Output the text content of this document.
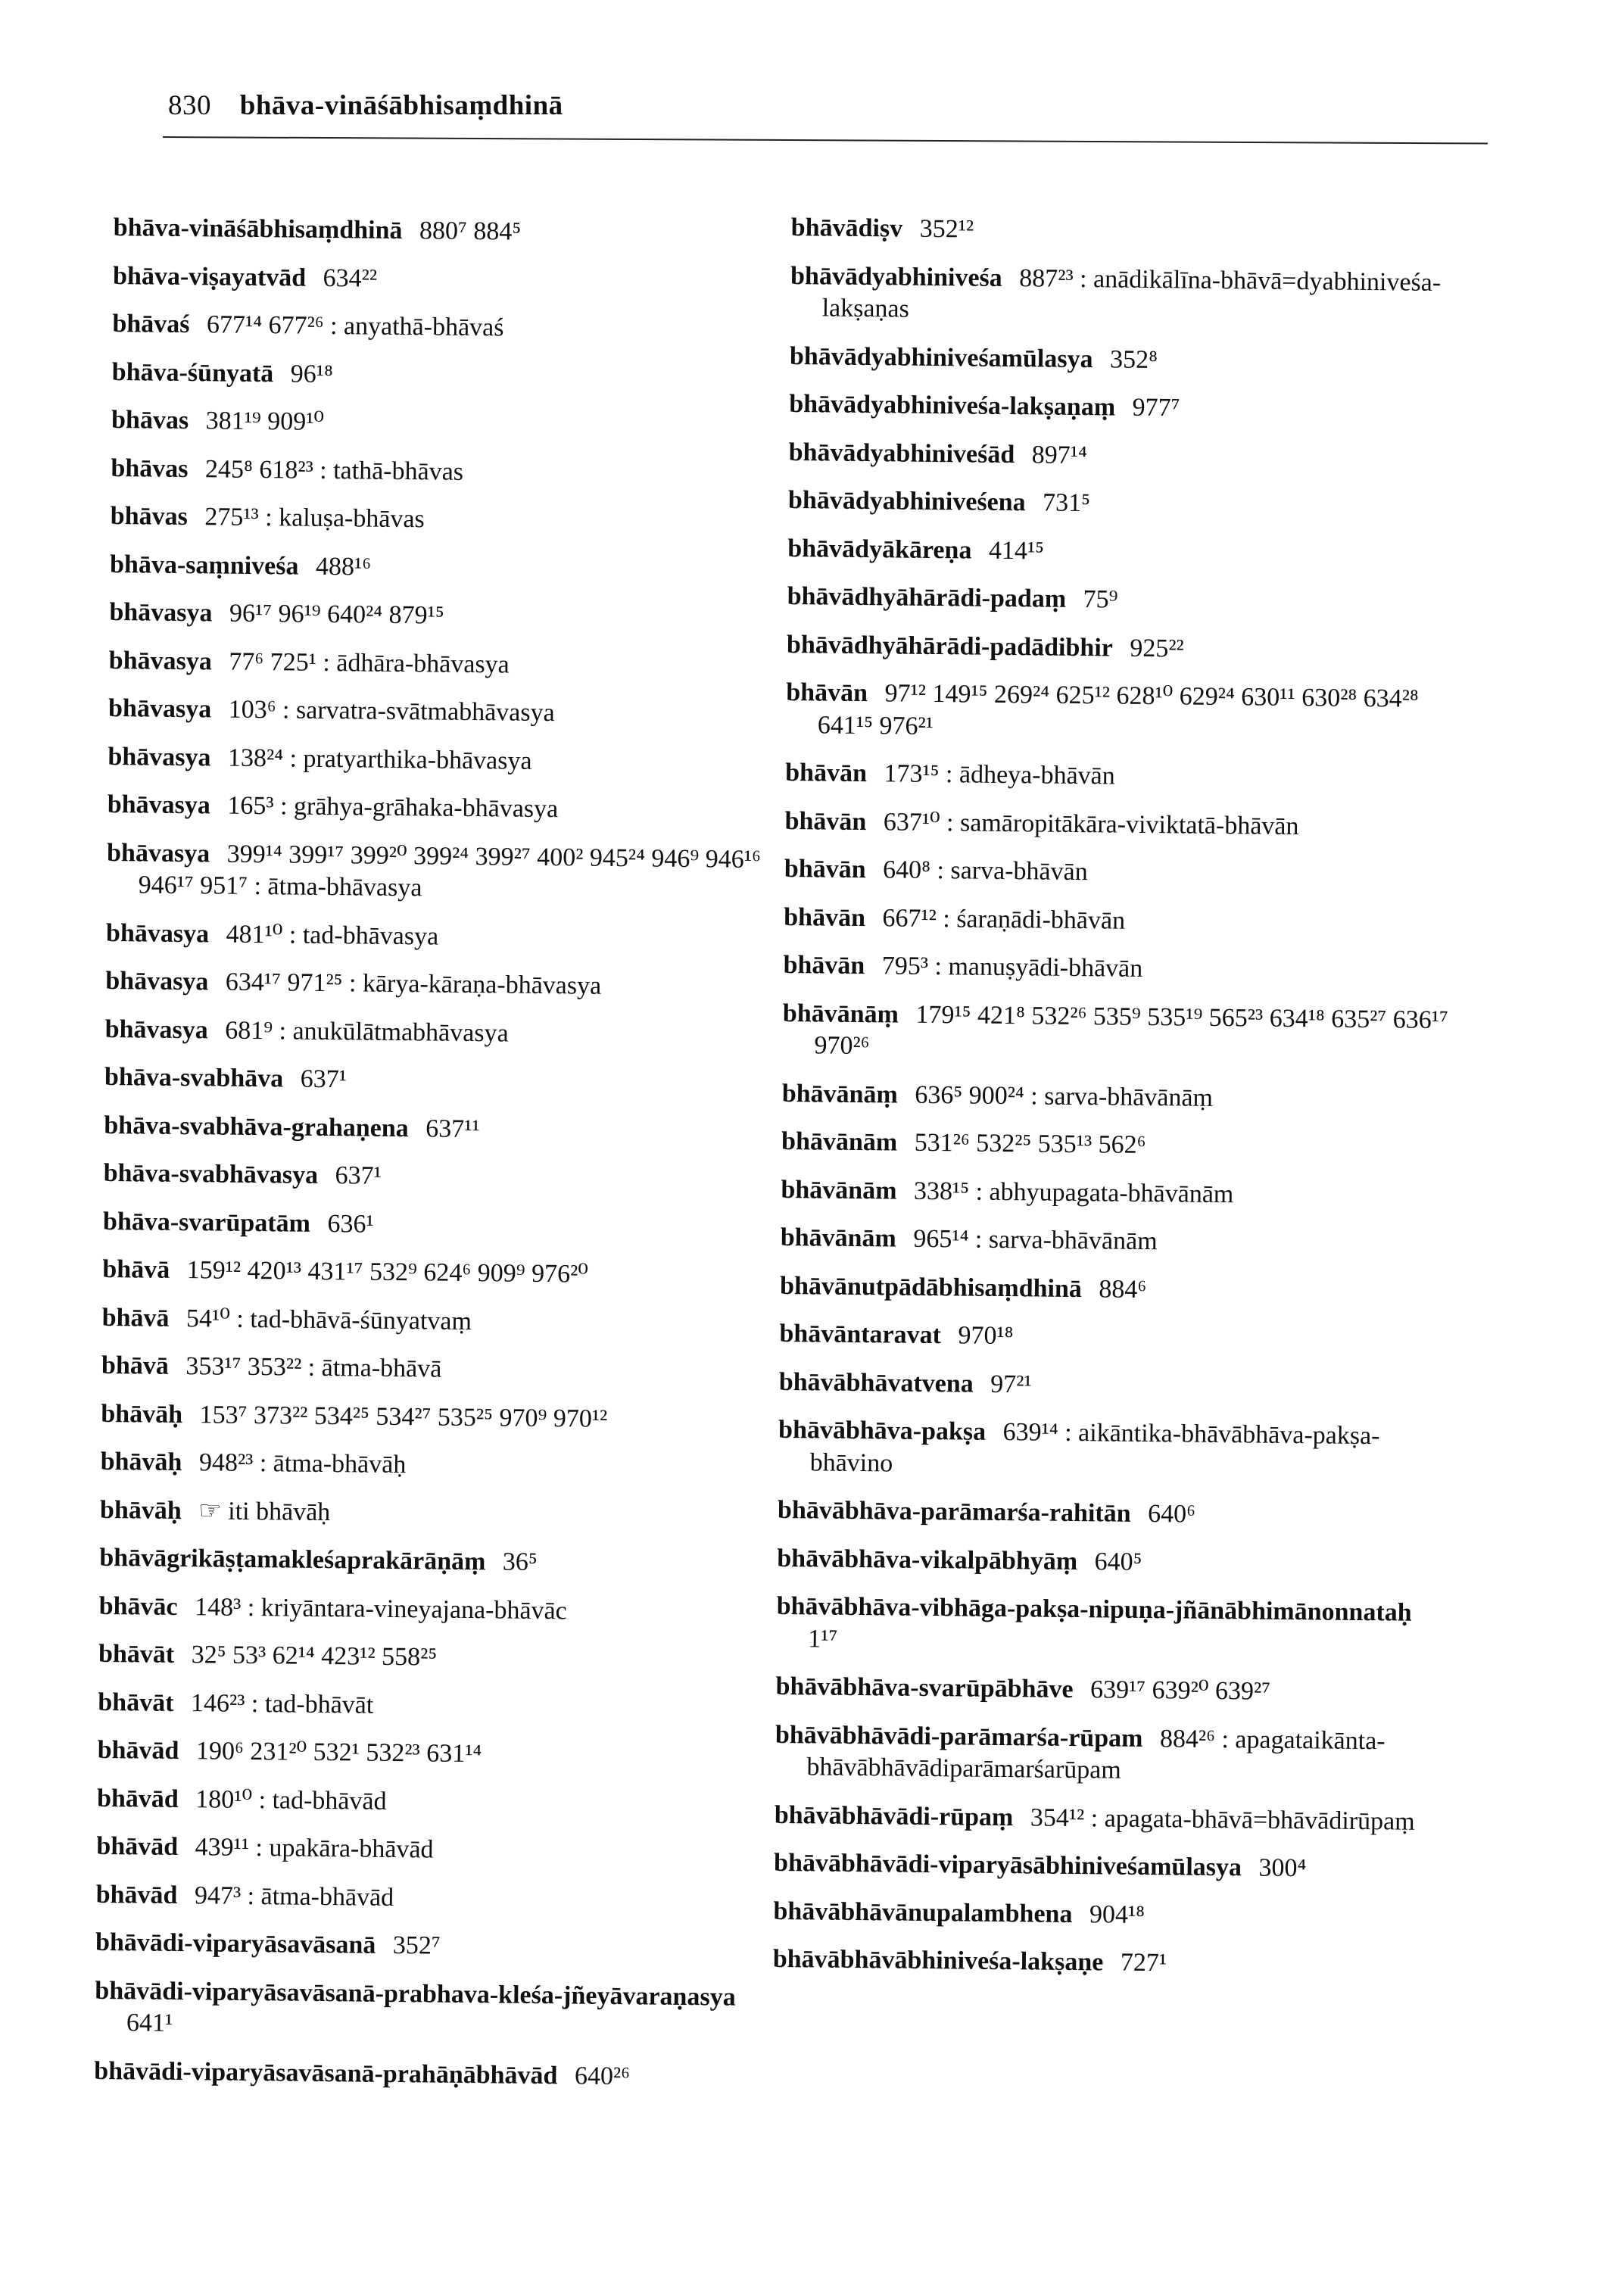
830 bhāva-vināśābhisaṃdhinā
bhāva-vināśābhisaṃdhinā 880⁷ 884⁵
bhāva-viṣayatvād 634²²
bhāvaś 677¹⁴ 677²⁶ : anyathā-bhāvaś
bhāva-śūnyatā 96¹⁸
bhāvas 381¹⁹ 909¹⁰
bhāvas 245⁸ 618²³ : tathā-bhāvas
bhāvas 275¹³ : kaluṣa-bhāvas
bhāva-saṃniveśa 488¹⁶
bhāvasya 96¹⁷ 96¹⁹ 640²⁴ 879¹⁵
bhāvasya 77⁶ 725¹ : ādhāra-bhāvasya
bhāvasya 103⁶ : sarvatra-svātmabhāvasya
bhāvasya 138²⁴ : pratyarthika-bhāvasya
bhāvasya 165³ : grāhya-grāhaka-bhāvasya
bhāvasya 399¹⁴ 399¹⁷ 399²⁰ 399²⁴ 399²⁷ 400² 945²⁴ 946⁹ 946¹⁶ 946¹⁷ 951⁷ : ātma-bhāvasya
bhāvasya 481¹⁰ : tad-bhāvasya
bhāvasya 634¹⁷ 971²⁵ : kārya-kāraṇa-bhāvasya
bhāvasya 681⁹ : anukūlātmabhāvasya
bhāva-svabhāva 637¹
bhāva-svabhāva-grahaṇena 637¹¹
bhāva-svabhāvasya 637¹
bhāva-svarūpatām 636¹
bhāvā 159¹² 420¹³ 431¹⁷ 532⁹ 624⁶ 909⁹ 976²⁰
bhāvā 54¹⁰ : tad-bhāvā-śūnyatvaṃ
bhāvā 353¹⁷ 353²² : ātma-bhāvā
bhāvāḥ 153⁷ 373²² 534²⁵ 534²⁷ 535²⁵ 970⁹ 970¹²
bhāvāḥ 948²³ : ātma-bhāvāḥ
bhāvāḥ ☞ iti bhāvāḥ
bhāvāgrikāṣṭamakleśaprakārāṇāṃ 36⁵
bhāvāc 148³ : kriyāntara-vineyajana-bhāvāc
bhāvāt 32⁵ 53³ 62¹⁴ 423¹² 558²⁵
bhāvāt 146²³ : tad-bhāvāt
bhāvād 190⁶ 231²⁰ 532¹ 532²³ 631¹⁴
bhāvād 180¹⁰ : tad-bhāvād
bhāvād 439¹¹ : upakāra-bhāvād
bhāvād 947³ : ātma-bhāvād
bhāvādi-viparyāsavāsanā 352⁷
bhāvādi-viparyāsavāsanā-prabhava-kleśa-jñeyāvaraṇasya 641¹
bhāvādi-viparyāsavāsanā-prahāṇābhāvād 640²⁶
bhāvādiṣv 352¹²
bhāvādyabhiniveśa 887²³ : anādikālīna-bhāvā=dyabhiniveśa-lakṣaṇas
bhāvādyabhiniveśamūlasya 352⁸
bhāvādyabhiniveśa-lakṣaṇaṃ 977⁷
bhāvādyabhiniveśād 897¹⁴
bhāvādyabhiniveśena 731⁵
bhāvādyākāreṇa 414¹⁵
bhāvādhyāhārādi-padaṃ 75⁹
bhāvādhyāhārādi-padādibhir 925²²
bhāvān 97¹² 149¹⁵ 269²⁴ 625¹² 628¹⁰ 629²⁴ 630¹¹ 630²⁸ 634²⁸ 641¹⁵ 976²¹
bhāvān 173¹⁵ : ādheya-bhāvān
bhāvān 637¹⁰ : samāropitākāra-viviktatā-bhāvān
bhāvān 640⁸ : sarva-bhāvān
bhāvān 667¹² : śaraṇādi-bhāvān
bhāvān 795³ : manuṣyādi-bhāvān
bhāvānāṃ 179¹⁵ 421⁸ 532²⁶ 535⁹ 535¹⁹ 565²³ 634¹⁸ 635²⁷ 636¹⁷ 970²⁶
bhāvānāṃ 636⁵ 900²⁴ : sarva-bhāvānāṃ
bhāvānām 531²⁶ 532²⁵ 535¹³ 562⁶
bhāvānām 338¹⁵ : abhyupagata-bhāvānām
bhāvānām 965¹⁴ : sarva-bhāvānām
bhāvānutpādābhisaṃdhinā 884⁶
bhāvāntaravat 970¹⁸
bhāvābhāvatvena 97²¹
bhāvābhāva-pakṣa 639¹⁴ : aikāntika-bhāvābhāva-pakṣa-bhāvino
bhāvābhāva-parāmarśa-rahitān 640⁶
bhāvābhāva-vikalpābhyāṃ 640⁵
bhāvābhāva-vibhāga-pakṣa-nipuṇa-jñānābhimānonnataḥ 1¹⁷
bhāvābhāva-svarūpābhāve 639¹⁷ 639²⁰ 639²⁷
bhāvābhāvādi-parāmarśa-rūpam 884²⁶ : apagataikānta-bhāvābhāvādiparāmarśarūpam
bhāvābhāvādi-rūpaṃ 354¹² : apagata-bhāvā=bhāvādirūpaṃ
bhāvābhāvādi-viparyāsābhiniveśamūlasya 300⁴
bhāvābhāvānupalambhena 904¹⁸
bhāvābhāvābhiniveśa-lakṣaṇe 727¹
